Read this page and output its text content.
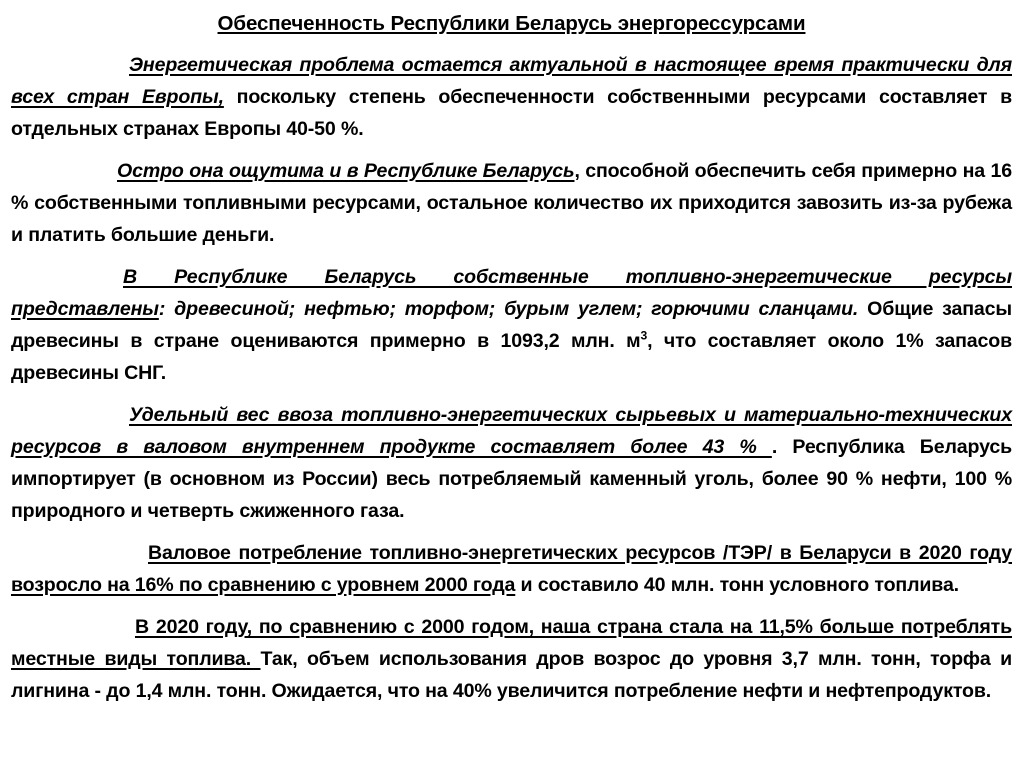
Обеспеченность Республики Беларусь энергорессурсами

Энергетическая проблема остается актуальной в настоящее время практически для всех стран Европы, поскольку степень обеспеченности собственными ресурсами составляет в отдельных странах Европы 40-50 %.

Остро она ощутима и в Республике Беларусь, способной обеспечить себя примерно на 16 % собственными топливными ресурсами, остальное количество их приходится завозить из-за рубежа и платить большие деньги.

В Республике Беларусь собственные топливно-энергетические ресурсы представлены: древесиной; нефтью; торфом; бурым углем; горючими сланцами. Общие запасы древесины в стране оцениваются примерно в 1093,2 млн. $м^3$, что составляет около 1% запасов древесины СНГ.

Удельный вес ввоза топливно-энергетических сырьевых и материально-технических ресурсов в валовом внутреннем продукте составляет более 43 % . Республика Беларусь импортирует (в основном из России) весь потребляемый каменный уголь, более 90 % нефти, 100 % природного и четверть сжиженного газа.

Валовое потребление топливно-энергетических ресурсов /ТЭР/ в Беларуси в 2020 году возросло на 16% по сравнению с уровнем 2000 года и составило 40 млн. тонн условного топлива.

В 2020 году, по сравнению с 2000 годом, наша страна стала на 11,5% больше потреблять местные виды топлива. Так, объем использования дров возрос до уровня 3,7 млн. тонн, торфа и лигнина - до 1,4 млн. тонн. Ожидается, что на 40% увеличится потребление нефти и нефтепродуктов.
